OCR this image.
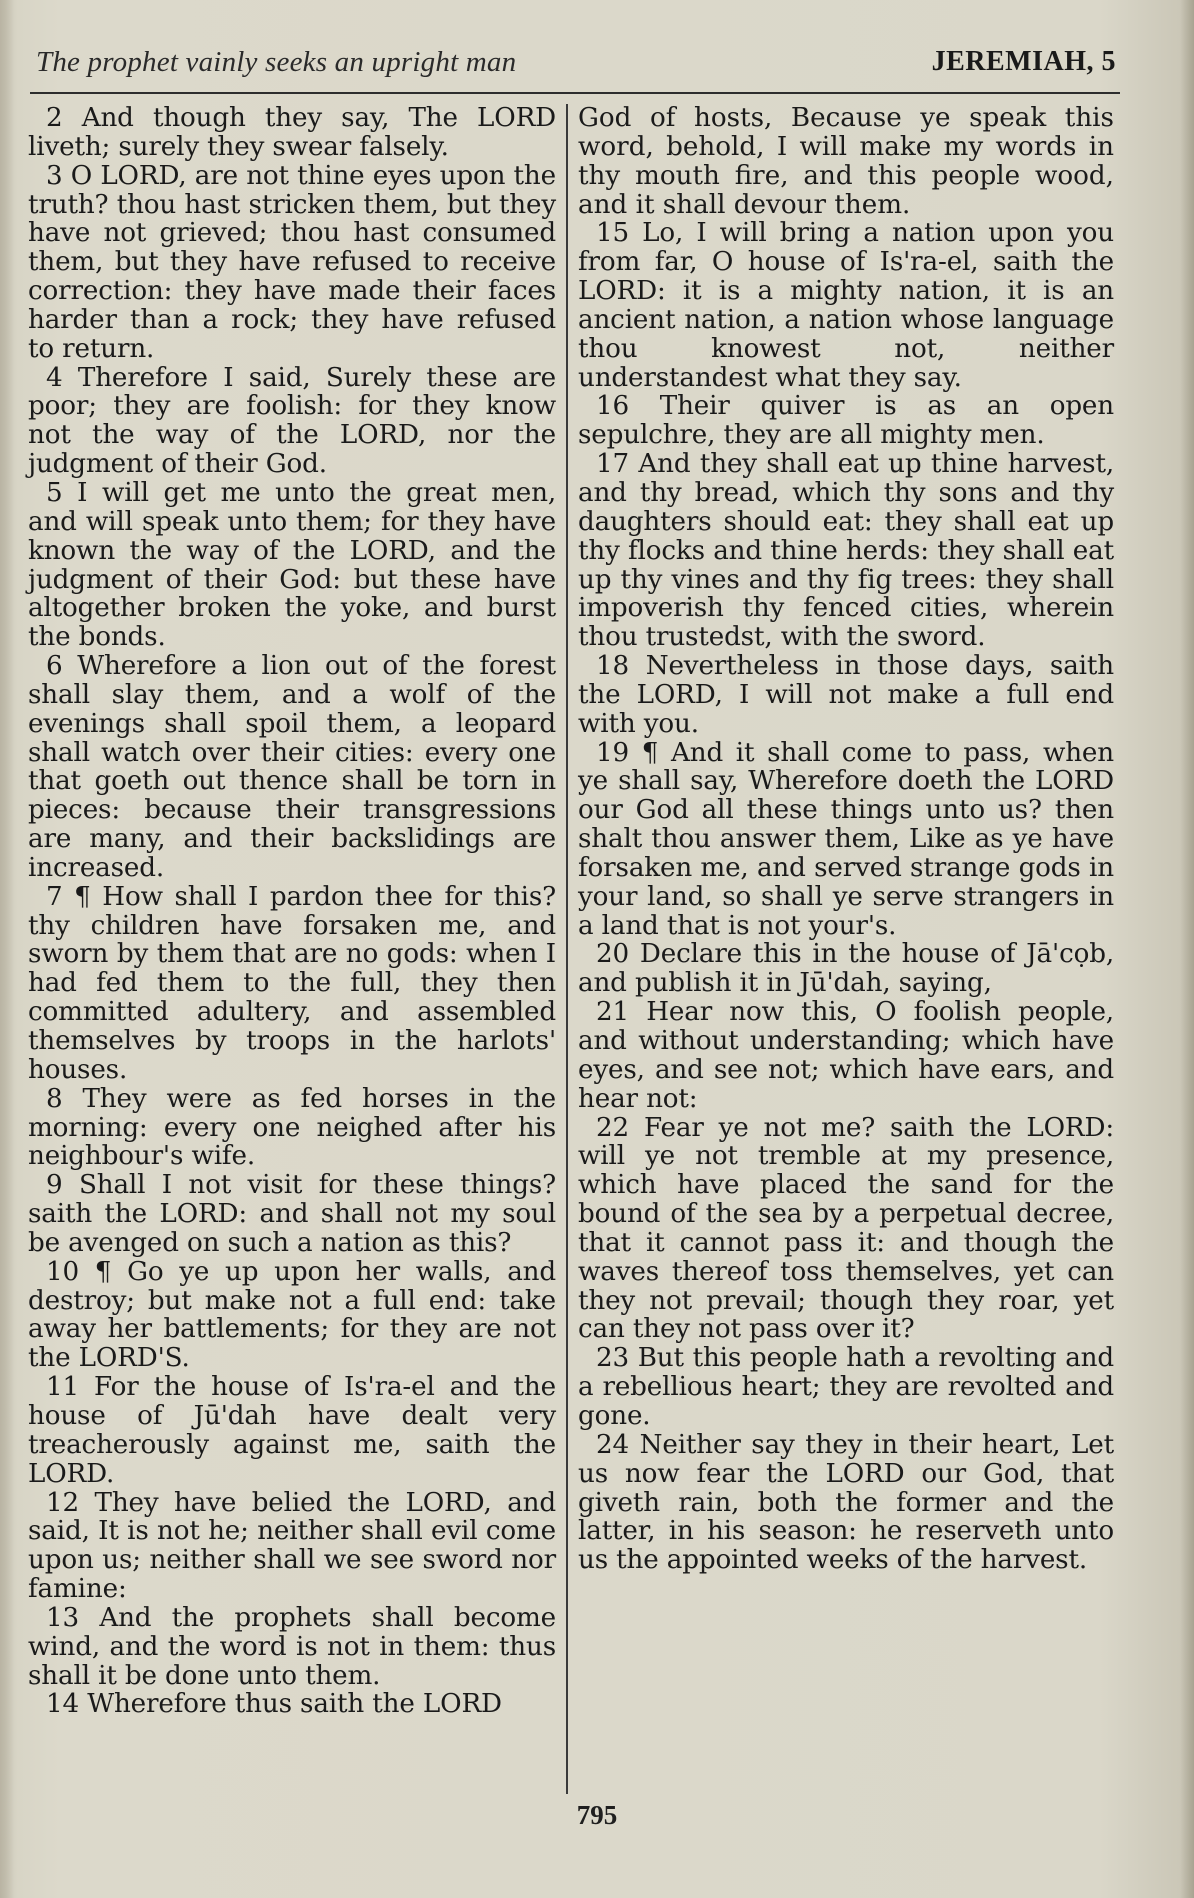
The prophet vainly seeks an upright man	JEREMIAH, 5

2 And though they say, The LORD liveth; surely they swear falsely.

3 O LORD, are not thine eyes upon the truth? thou hast stricken them, but they have not grieved; thou hast consumed them, but they have refused to receive correction: they have made their faces harder than a rock; they have refused to return.

4 Therefore I said, Surely these are poor; they are foolish: for they know not the way of the LORD, nor the judgment of their God.

5 I will get me unto the great men, and will speak unto them; for they have known the way of the LORD, and the judgment of their God: but these have altogether broken the yoke, and burst the bonds.

6 Wherefore a lion out of the forest shall slay them, and a wolf of the evenings shall spoil them, a leopard shall watch over their cities: every one that goeth out thence shall be torn in pieces: because their transgressions are many, and their backslidings are increased.

7 ¶ How shall I pardon thee for this? thy children have forsaken me, and sworn by them that are no gods: when I had fed them to the full, they then committed adultery, and assembled themselves by troops in the harlots' houses.

8 They were as fed horses in the morning: every one neighed after his neighbour's wife.

9 Shall I not visit for these things? saith the LORD: and shall not my soul be avenged on such a nation as this?

10 ¶ Go ye up upon her walls, and destroy; but make not a full end: take away her battlements; for they are not the LORD'S.

11 For the house of Is'ra-el and the house of Jū'dah have dealt very treacherously against me, saith the LORD.

12 They have belied the LORD, and said, It is not he; neither shall evil come upon us; neither shall we see sword nor famine:

13 And the prophets shall become wind, and the word is not in them: thus shall it be done unto them.

14 Wherefore thus saith the LORD

God of hosts, Because ye speak this word, behold, I will make my words in thy mouth fire, and this people wood, and it shall devour them.

15 Lo, I will bring a nation upon you from far, O house of Is'ra-el, saith the LORD: it is a mighty nation, it is an ancient nation, a nation whose language thou knowest not, neither understandest what they say.

16 Their quiver is as an open sepulchre, they are all mighty men.

17 And they shall eat up thine harvest, and thy bread, which thy sons and thy daughters should eat: they shall eat up thy flocks and thine herds: they shall eat up thy vines and thy fig trees: they shall impoverish thy fenced cities, wherein thou trustedst, with the sword.

18 Nevertheless in those days, saith the LORD, I will not make a full end with you.

19 ¶ And it shall come to pass, when ye shall say, Wherefore doeth the LORD our God all these things unto us? then shalt thou answer them, Like as ye have forsaken me, and served strange gods in your land, so shall ye serve strangers in a land that is not your's.

20 Declare this in the house of Jā'cọb, and publish it in Jū'dah, saying,

21 Hear now this, O foolish people, and without understanding; which have eyes, and see not; which have ears, and hear not:

22 Fear ye not me? saith the LORD: will ye not tremble at my presence, which have placed the sand for the bound of the sea by a perpetual decree, that it cannot pass it: and though the waves thereof toss themselves, yet can they not prevail; though they roar, yet can they not pass over it?

23 But this people hath a revolting and a rebellious heart; they are revolted and gone.

24 Neither say they in their heart, Let us now fear the LORD our God, that giveth rain, both the former and the latter, in his season: he reserveth unto us the appointed weeks of the harvest.

795
